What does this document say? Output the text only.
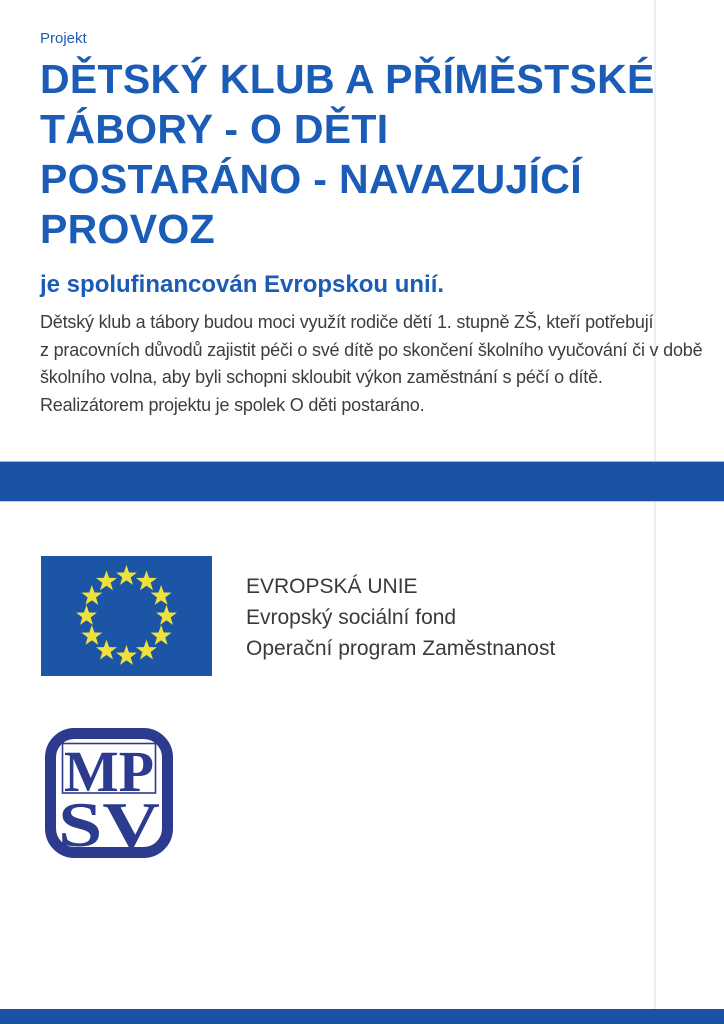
Projekt
DĚTSKÝ KLUB A PŘÍMĚSTSKÉ
TÁBORY - O DĚTI
POSTARÁNO - NAVAZUJÍCÍ
PROVOZ
je spolufinancován Evropskou unií.
Dětský klub a tábory budou moci využít rodiče dětí 1. stupně ZŠ, kteří potřebují
z pracovních důvodů zajistit péči o své dítě po skončení školního vyučování či v době
školního volna, aby byli schopni skloubit výkon zaměstnání s péčí o dítě.
Realizátorem projektu je spolek O děti postaráno.
EVROPSKÁ UNIE
Evropský sociální fond
Operační program Zaměstnanost
MP
SV
